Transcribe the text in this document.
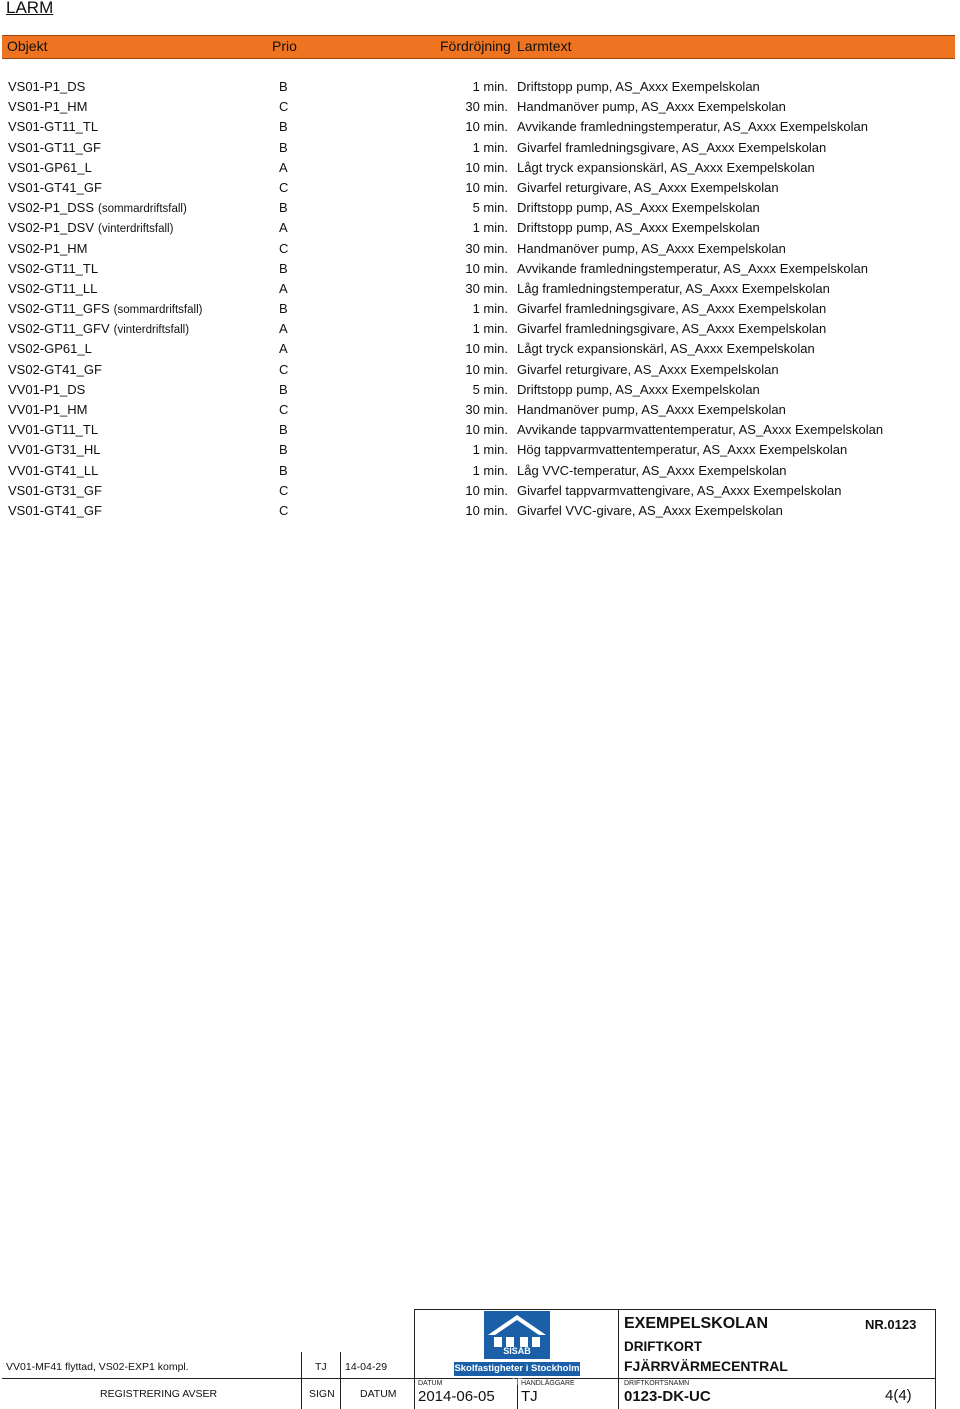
LARM
Objekt	Prio	Fördröjning Larmtext
VS01-P1_DS	B	1 min. Driftstopp pump, AS_Axxx Exempelskolan
VS01-P1_HM	C	30 min. Handmanöver pump, AS_Axxx Exempelskolan
VS01-GT11_TL	B	10 min. Avvikande framledningstemperatur, AS_Axxx Exempelskolan
VS01-GT11_GF	B	1 min. Givarfel framledningsgivare, AS_Axxx Exempelskolan
VS01-GP61_L	A	10 min. Lågt tryck expansionskärl, AS_Axxx Exempelskolan
VS01-GT41_GF	C	10 min. Givarfel returgivare, AS_Axxx Exempelskolan
VS02-P1_DSS (sommardriftsfall)	B	5 min. Driftstopp pump, AS_Axxx Exempelskolan
VS02-P1_DSV (vinterdriftsfall)	A	1 min. Driftstopp pump, AS_Axxx Exempelskolan
VS02-P1_HM	C	30 min. Handmanöver pump, AS_Axxx Exempelskolan
VS02-GT11_TL	B	10 min. Avvikande framledningstemperatur, AS_Axxx Exempelskolan
VS02-GT11_LL	A	30 min. Låg framledningstemperatur, AS_Axxx Exempelskolan
VS02-GT11_GFS (sommardriftsfall)	B	1 min. Givarfel framledningsgivare, AS_Axxx Exempelskolan
VS02-GT11_GFV (vinterdriftsfall)	A	1 min. Givarfel framledningsgivare, AS_Axxx Exempelskolan
VS02-GP61_L	A	10 min. Lågt tryck expansionskärl, AS_Axxx Exempelskolan
VS02-GT41_GF	C	10 min. Givarfel returgivare, AS_Axxx Exempelskolan
VV01-P1_DS	B	5 min. Driftstopp pump, AS_Axxx Exempelskolan
VV01-P1_HM	C	30 min. Handmanöver pump, AS_Axxx Exempelskolan
VV01-GT11_TL	B	10 min. Avvikande tappvarmvattentemperatur, AS_Axxx Exempelskolan
VV01-GT31_HL	B	1 min. Hög tappvarmvattentemperatur, AS_Axxx Exempelskolan
VV01-GT41_LL	B	1 min. Låg VVC-temperatur, AS_Axxx Exempelskolan
VS01-GT31_GF	C	10 min. Givarfel tappvarmvattengivare, AS_Axxx Exempelskolan
VS01-GT41_GF	C	10 min. Givarfel VVC-givare, AS_Axxx Exempelskolan
VV01-MF41 flyttad, VS02-EXP1 kompl.	TJ 14-04-29
REGISTRERING AVSER	SIGN DATUM
SISAB
Skolfastigheter i Stockholm AB
DATUM	HANDLÄGGARE
2014-06-05 TJ
EXEMPELSKOLAN	NR.0123
DRIFTKORT
FJÄRRVÄRMECENTRAL
DRIFTKORTSNAMN
0123-DK-UC	4(4)
